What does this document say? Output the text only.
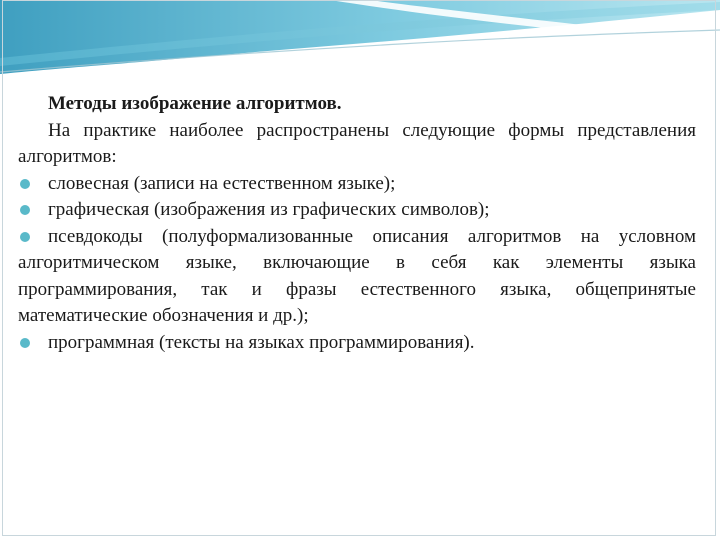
Методы изображение алгоритмов.

На практике наиболее распространены следующие формы представления алгоритмов:

словесная (записи на естественном языке);
графическая (изображения из графических символов);
псевдокоды (полуформализованные описания алгоритмов на условном алгоритмическом языке, включающие в себя как элементы языка программирования, так и фразы естественного языка, общепринятые математические обозначения и др.);
программная (тексты на языках программирования).
